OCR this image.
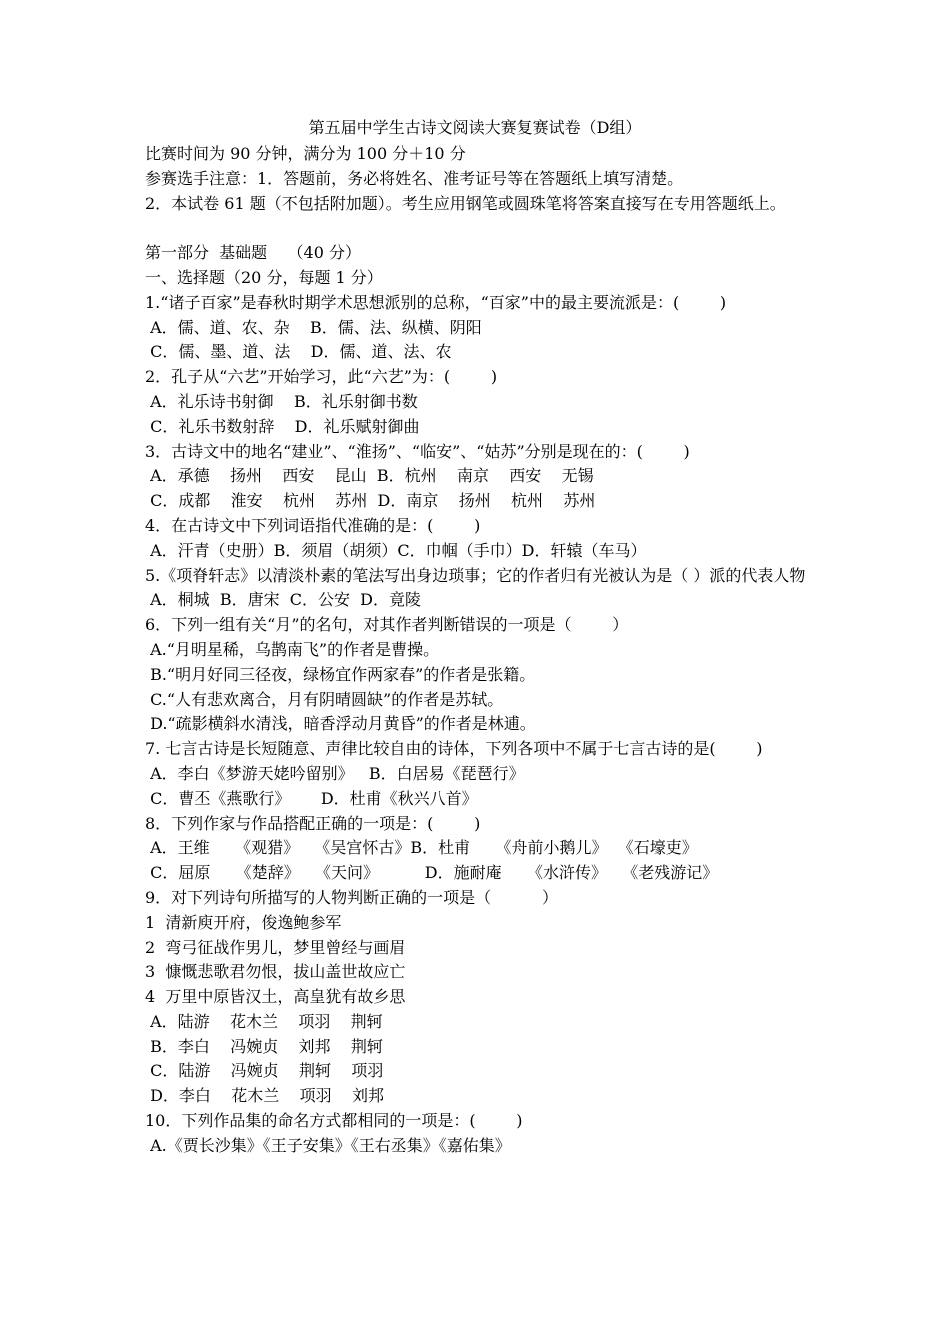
第五届中学生古诗文阅读大赛复赛试卷（D组）
比赛时间为 90 分钟，满分为 100 分＋10 分
参赛选手注意：1．答题前，务必将姓名、准考证号等在答题纸上填写清楚。
2．本试卷 61 题（不包括附加题）。考生应用钢笔或圆珠笔将答案直接写在专用答题纸上。
第一部分  基础题    （40 分）
一、选择题（20 分，每题 1 分）
1.“诸子百家”是春秋时期学术思想派别的总称，“百家”中的最主要流派是：(        )
A．儒、道、农、杂    B．儒、法、纵横、阴阳
C．儒、墨、道、法    D．儒、道、法、农
2．孔子从“六艺”开始学习，此“六艺”为：(        )
A．礼乐诗书射御    B．礼乐射御书数
C．礼乐书数射辞    D．礼乐赋射御曲
3．古诗文中的地名“建业”、“淮扬”、“临安”、“姑苏”分别是现在的：(        )
A．承德    扬州    西安    昆山  B．杭州    南京    西安    无锡
C．成都    淮安    杭州    苏州  D．南京    扬州    杭州    苏州
4．在古诗文中下列词语指代准确的是：(        )
A．汗青（史册）B．须眉（胡须）C．巾帼（手巾）D．轩辕（车马）
5.《项脊轩志》以清淡朴素的笔法写出身边琐事；它的作者归有光被认为是（ ）派的代表人物
A．桐城  B．唐宋  C．公安  D．竟陵
6．下列一组有关“月”的名句，对其作者判断错误的一项是（        ）
A.“月明星稀，乌鹊南飞”的作者是曹操。
B.“明月好同三径夜，绿杨宜作两家春”的作者是张籍。
C.“人有悲欢离合，月有阴晴圆缺”的作者是苏轼。
D.“疏影横斜水清浅，暗香浮动月黄昏”的作者是林逋。
7. 七言古诗是长短随意、声律比较自由的诗体，下列各项中不属于七言古诗的是(        )
A．李白《梦游天姥吟留别》   B．白居易《琵琶行》
C．曹丕《燕歌行》      D．杜甫《秋兴八首》
8．下列作家与作品搭配正确的一项是：(        )
A．王维     《观猎》   《吴宫怀古》B．杜甫     《舟前小鹅儿》  《石壕吏》
C．屈原     《楚辞》   《天问》         D．施耐庵     《水浒传》   《老残游记》
9．对下列诗句所描写的人物判断正确的一项是（          ）
1  清新庾开府，俊逸鲍参军
2  弯弓征战作男儿，梦里曾经与画眉
3  慷慨悲歌君勿恨，拔山盖世故应亡
4  万里中原皆汉土，高皇犹有故乡思
A．陆游    花木兰    项羽    荆轲
B．李白    冯婉贞    刘邦    荆轲
C．陆游    冯婉贞    荆轲    项羽
D．李白    花木兰    项羽    刘邦
10．下列作品集的命名方式都相同的一项是：(        )
A.《贾长沙集》《王子安集》《王右丞集》《嘉佑集》
